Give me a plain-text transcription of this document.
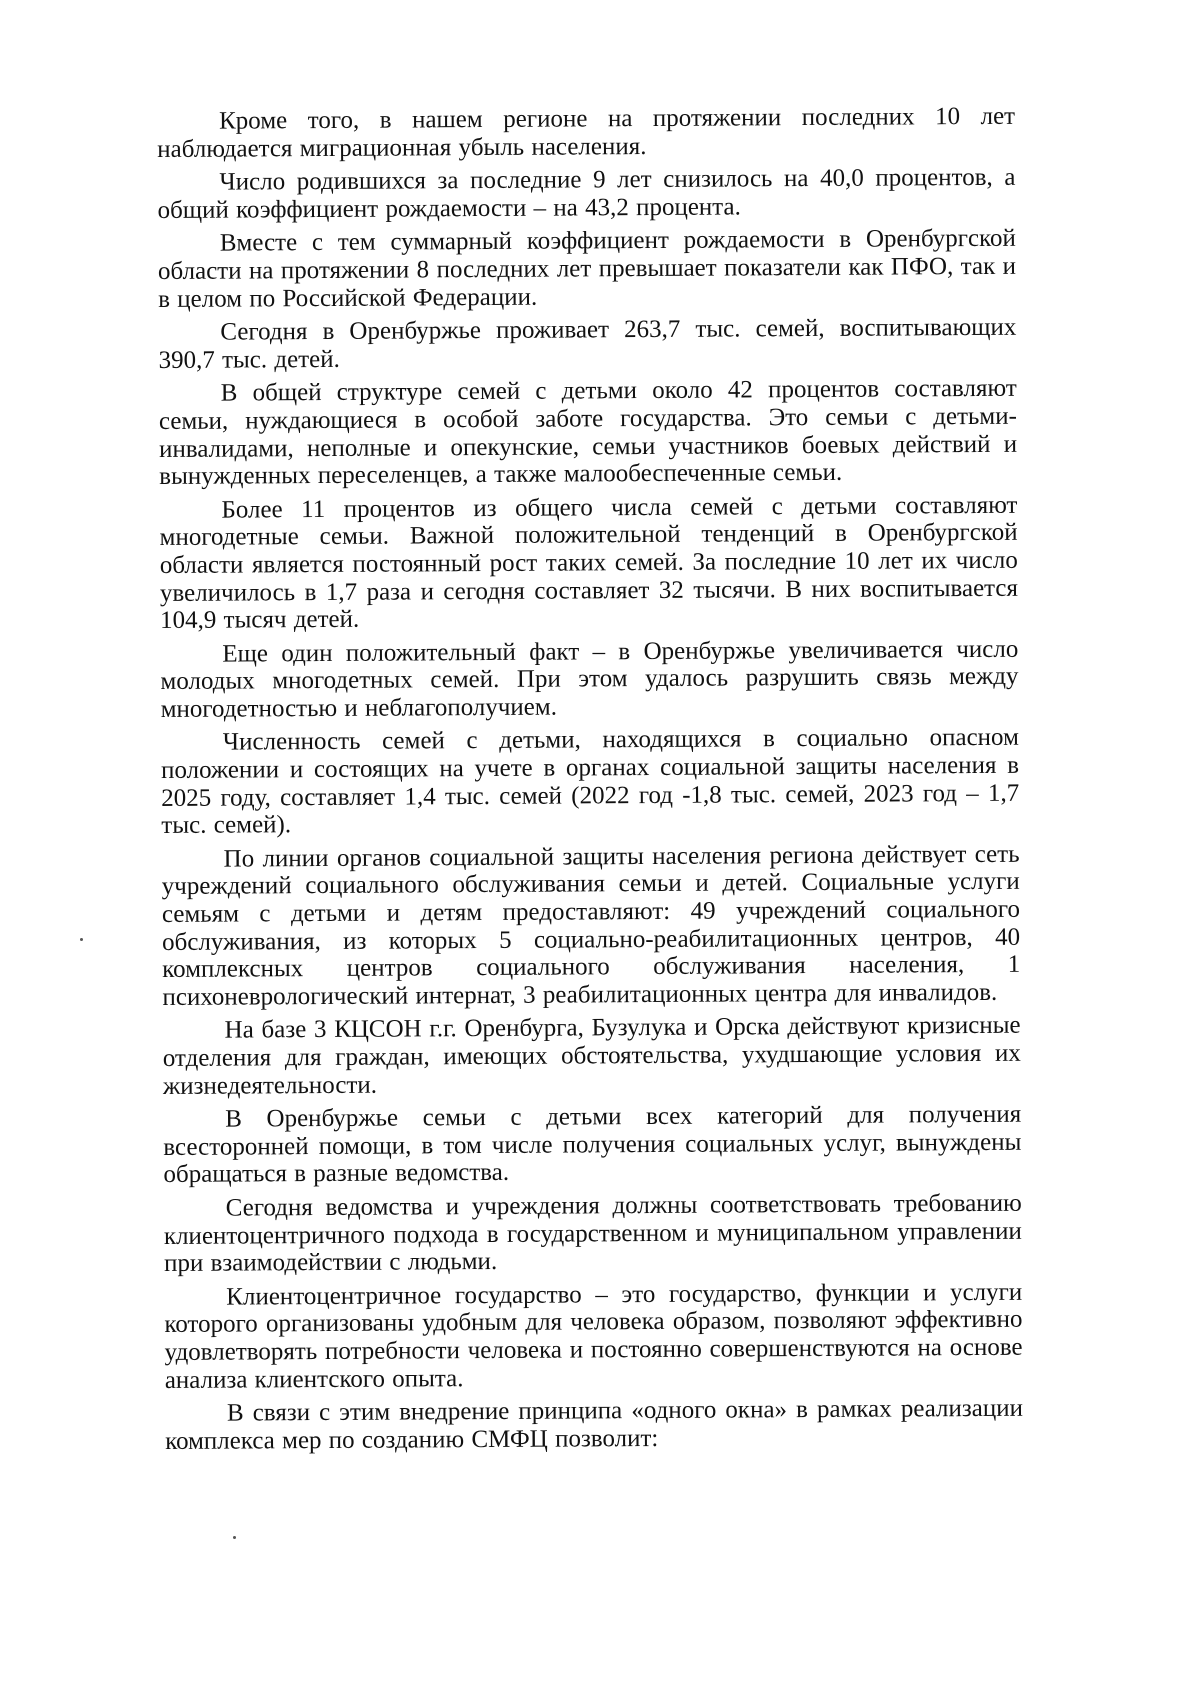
Кроме того, в нашем регионе на протяжении последних 10 лет наблюдается миграционная убыль населения.

Число родившихся за последние 9 лет снизилось на 40,0 процентов, а общий коэффициент рождаемости – на 43,2 процента.

Вместе с тем суммарный коэффициент рождаемости в Оренбургской области на протяжении 8 последних лет превышает показатели как ПФО, так и в целом по Российской Федерации.

Сегодня в Оренбуржье проживает 263,7 тыс. семей, воспитывающих 390,7 тыс. детей.

В общей структуре семей с детьми около 42 процентов составляют семьи, нуждающиеся в особой заботе государства. Это семьи с детьми-инвалидами, неполные и опекунские, семьи участников боевых действий и вынужденных переселенцев, а также малообеспеченные семьи.

Более 11 процентов из общего числа семей с детьми составляют многодетные семьи. Важной положительной тенденций в Оренбургской области является постоянный рост таких семей. За последние 10 лет их число увеличилось в 1,7 раза и сегодня составляет 32 тысячи. В них воспитывается 104,9 тысяч детей.

Еще один положительный факт – в Оренбуржье увеличивается число молодых многодетных семей. При этом удалось разрушить связь между многодетностью и неблагополучием.

Численность семей с детьми, находящихся в социально опасном положении и состоящих на учете в органах социальной защиты населения в 2025 году, составляет 1,4 тыс. семей (2022 год -1,8 тыс. семей, 2023 год – 1,7 тыс. семей).

По линии органов социальной защиты населения региона действует сеть учреждений социального обслуживания семьи и детей. Социальные услуги семьям с детьми и детям предоставляют: 49 учреждений социального обслуживания, из которых 5 социально-реабилитационных центров, 40 комплексных центров социального обслуживания населения, 1 психоневрологический интернат, 3 реабилитационных центра для инвалидов.

На базе 3 КЦСОН г.г. Оренбурга, Бузулука и Орска действуют кризисные отделения для граждан, имеющих обстоятельства, ухудшающие условия их жизнедеятельности.

В Оренбуржье семьи с детьми всех категорий для получения всесторонней помощи, в том числе получения социальных услуг, вынуждены обращаться в разные ведомства.

Сегодня ведомства и учреждения должны соответствовать требованию клиентоцентричного подхода в государственном и муниципальном управлении при взаимодействии с людьми.

Клиентоцентричное государство – это государство, функции и услуги которого организованы удобным для человека образом, позволяют эффективно удовлетворять потребности человека и постоянно совершенствуются на основе анализа клиентского опыта.

В связи с этим внедрение принципа «одного окна» в рамках реализации комплекса мер по созданию СМФЦ позволит:
